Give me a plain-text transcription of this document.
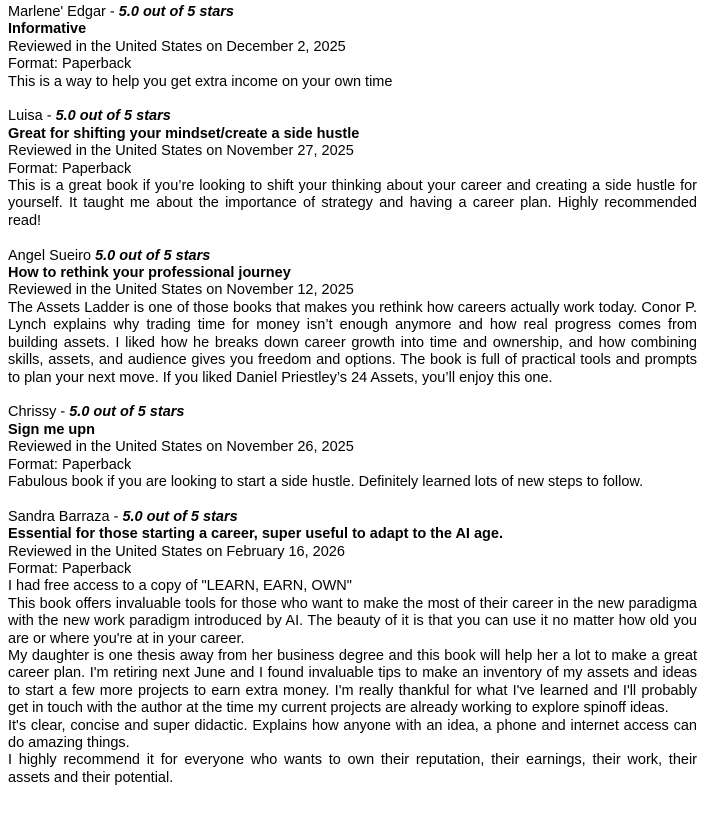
Marlene' Edgar - 5.0 out of 5 stars
Informative
Reviewed in the United States on December 2, 2025
Format: Paperback
This is a way to help you get extra income on your own time
Luisa - 5.0 out of 5 stars
Great for shifting your mindset/create a side hustle
Reviewed in the United States on November 27, 2025
Format: Paperback
This is a great book if you’re looking to shift your thinking about your career and creating a side hustle for yourself. It taught me about the importance of strategy and having a career plan. Highly recommended read!
Angel Sueiro 5.0 out of 5 stars
How to rethink your professional journey
Reviewed in the United States on November 12, 2025
The Assets Ladder is one of those books that makes you rethink how careers actually work today. Conor P. Lynch explains why trading time for money isn’t enough anymore and how real progress comes from building assets. I liked how he breaks down career growth into time and ownership, and how combining skills, assets, and audience gives you freedom and options. The book is full of practical tools and prompts to plan your next move. If you liked Daniel Priestley’s 24 Assets, you’ll enjoy this one.
Chrissy - 5.0 out of 5 stars
Sign me upn
Reviewed in the United States on November 26, 2025
Format: Paperback
Fabulous book if you are looking to start a side hustle. Definitely learned lots of new steps to follow.
Sandra Barraza - 5.0 out of 5 stars
Essential for those starting a career, super useful to adapt to the AI age.
Reviewed in the United States on February 16, 2026
Format: Paperback
I had free access to a copy of "LEARN, EARN, OWN"
This book offers invaluable tools for those who want to make the most of their career in the new paradigma with the new work paradigm introduced by AI. The beauty of it is that you can use it no matter how old you are or where you're at in your career.
My daughter is one thesis away from her business degree and this book will help her a lot to make a great career plan. I'm retiring next June and I found invaluable tips to make an inventory of my assets and ideas to start a few more projects to earn extra money. I'm really thankful for what I've learned and I'll probably get in touch with the author at the time my current projects are already working to explore spinoff ideas.
It's clear, concise and super didactic. Explains how anyone with an idea, a phone and internet access can do amazing things.
I highly recommend it for everyone who wants to own their reputation, their earnings, their work, their assets and their potential.
